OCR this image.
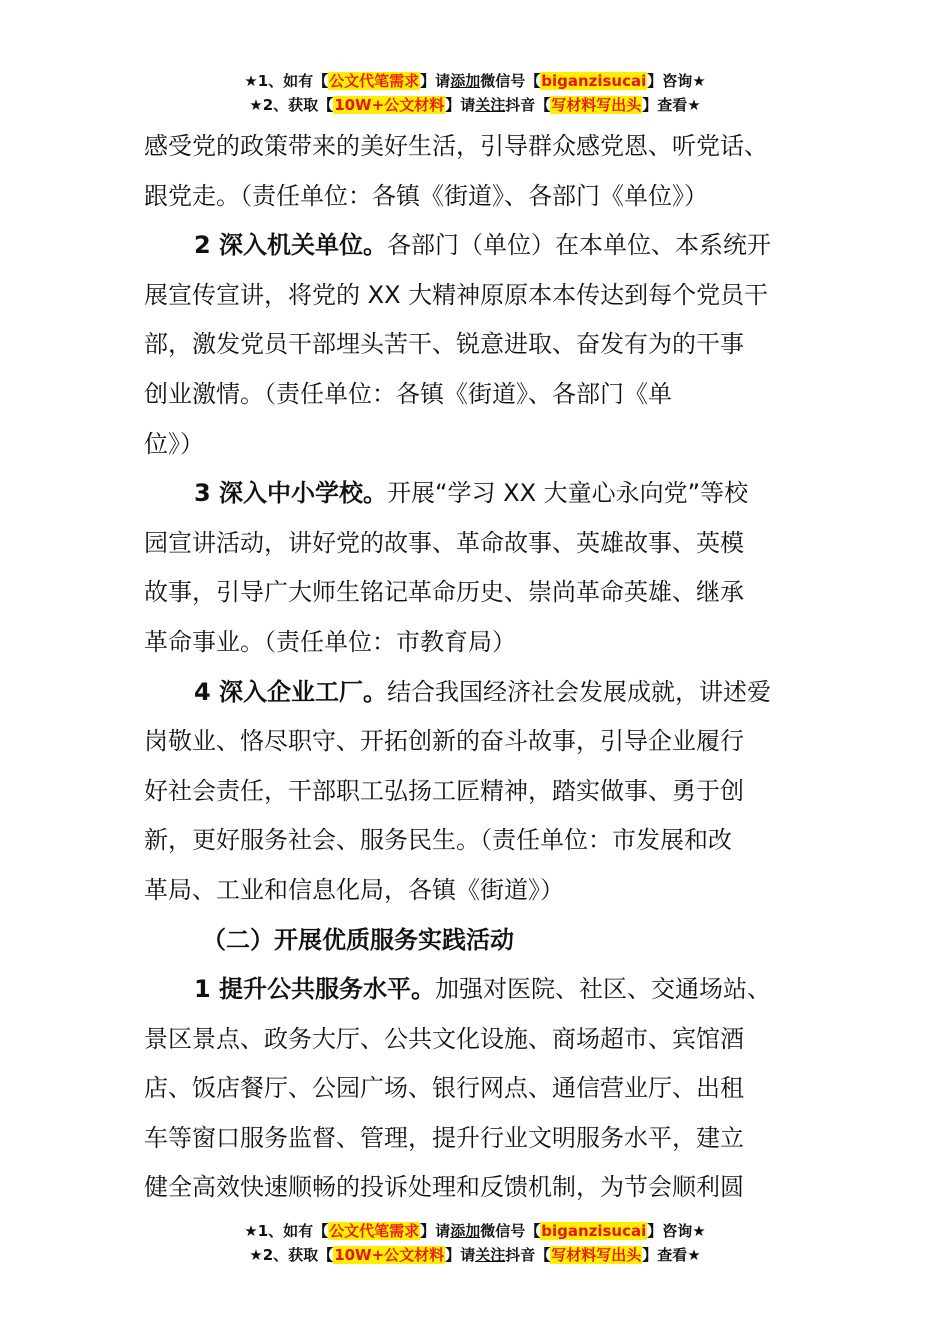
★1、如有【公文代笔需求】请添加微信号【biganzisucai】咨询★
★2、获取【10W+公文材料】请关注抖音【写材料写出头】查看★
感受党的政策带来的美好生活，引导群众感党恩、听党话、
跟党走。（责任单位：各镇《街道》、各部门《单位》）
2 深入机关单位。各部门（单位）在本单位、本系统开
展宣传宣讲，将党的 XX 大精神原原本本传达到每个党员干
部，激发党员干部埋头苦干、锐意进取、奋发有为的干事
创业激情。（责任单位：各镇《街道》、各部门《单
位》）
3 深入中小学校。开展“学习 XX 大童心永向党”等校
园宣讲活动，讲好党的故事、革命故事、英雄故事、英模
故事，引导广大师生铭记革命历史、崇尚革命英雄、继承
革命事业。（责任单位：市教育局）
4 深入企业工厂。结合我国经济社会发展成就，讲述爱
岗敬业、恪尽职守、开拓创新的奋斗故事，引导企业履行
好社会责任，干部职工弘扬工匠精神，踏实做事、勇于创
新，更好服务社会、服务民生。（责任单位：市发展和改
革局、工业和信息化局，各镇《街道》）
（二）开展优质服务实践活动
1 提升公共服务水平。加强对医院、社区、交通场站、
景区景点、政务大厅、公共文化设施、商场超市、宾馆酒
店、饭店餐厅、公园广场、银行网点、通信营业厅、出租
车等窗口服务监督、管理，提升行业文明服务水平，建立
健全高效快速顺畅的投诉处理和反馈机制，为节会顺利圆
★1、如有【公文代笔需求】请添加微信号【biganzisucai】咨询★
★2、获取【10W+公文材料】请关注抖音【写材料写出头】查看★
